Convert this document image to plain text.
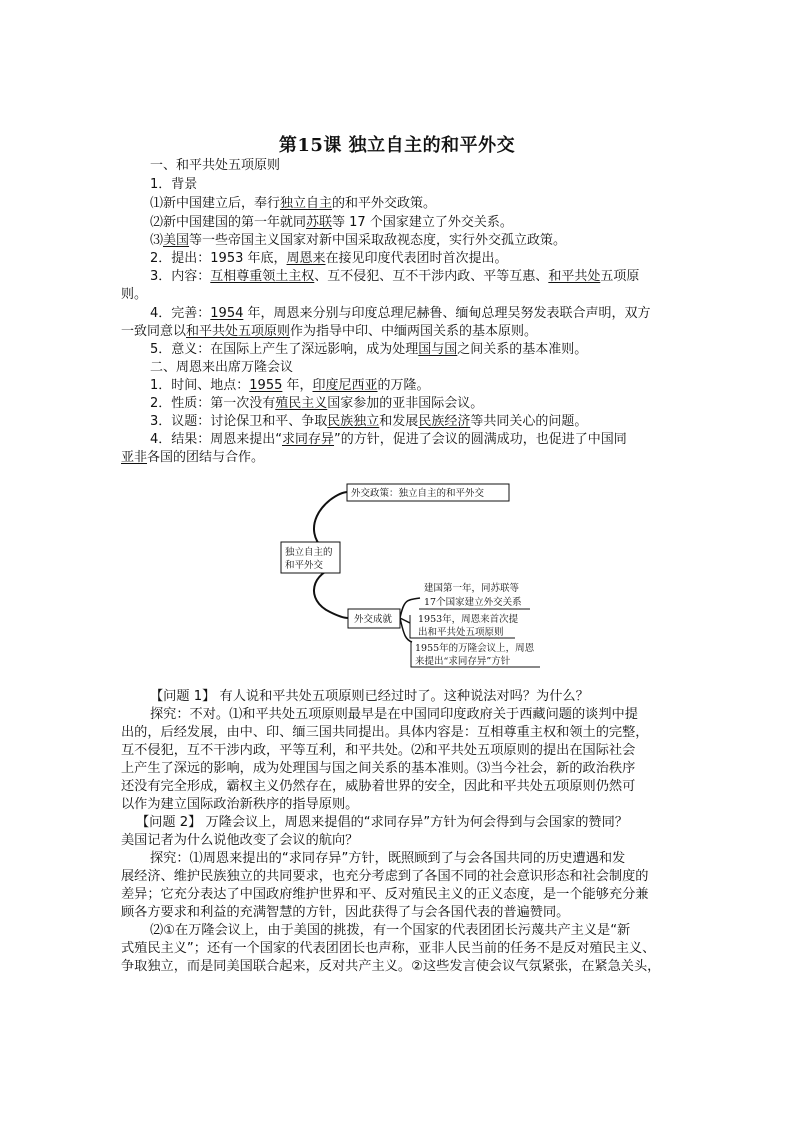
第15课 独立自主的和平外交
一、和平共处五项原则
1．背景
⑴新中国建立后，奉行独立自主的和平外交政策。
⑵新中国建国的第一年就同苏联等 17 个国家建立了外交关系。
⑶美国等一些帝国主义国家对新中国采取敌视态度，实行外交孤立政策。
2．提出：1953 年底，周恩来在接见印度代表团时首次提出。
3．内容：互相尊重领土主权、互不侵犯、互不干涉内政、平等互惠、和平共处五项原
则。
4．完善：1954 年，周恩来分别与印度总理尼赫鲁、缅甸总理吴努发表联合声明，双方
一致同意以和平共处五项原则作为指导中印、中缅两国关系的基本原则。
5．意义：在国际上产生了深远影响，成为处理国与国之间关系的基本准则。
二、周恩来出席万隆会议
1．时间、地点：1955 年，印度尼西亚的万隆。
2．性质：第一次没有殖民主义国家参加的亚非国际会议。
3．议题：讨论保卫和平、争取民族独立和发展民族经济等共同关心的问题。
4．结果：周恩来提出“求同存异”的方针，促进了会议的圆满成功，也促进了中国同
亚非各国的团结与合作。
独立自主的
和平外交
外交政策：独立自主的和平外交
外交成就
建国第一年，同苏联等
17个国家建立外交关系
1953年，周恩来首次提
出和平共处五项原则
1955年的万隆会议上，周恩
来提出“求同存异”方针
【问题 1】 有人说和平共处五项原则已经过时了。这种说法对吗？为什么？
探究：不对。⑴和平共处五项原则最早是在中国同印度政府关于西藏问题的谈判中提
出的，后经发展，由中、印、缅三国共同提出。具体内容是：互相尊重主权和领土的完整，
互不侵犯，互不干涉内政，平等互利，和平共处。⑵和平共处五项原则的提出在国际社会
上产生了深远的影响，成为处理国与国之间关系的基本准则。⑶当今社会，新的政治秩序
还没有完全形成，霸权主义仍然存在，威胁着世界的安全，因此和平共处五项原则仍然可
以作为建立国际政治新秩序的指导原则。
【问题 2】 万隆会议上，周恩来提倡的“求同存异”方针为何会得到与会国家的赞同？
美国记者为什么说他改变了会议的航向？
探究：⑴周恩来提出的“求同存异”方针，既照顾到了与会各国共同的历史遭遇和发
展经济、维护民族独立的共同要求，也充分考虑到了各国不同的社会意识形态和社会制度的
差异；它充分表达了中国政府维护世界和平、反对殖民主义的正义态度，是一个能够充分兼
顾各方要求和利益的充满智慧的方针，因此获得了与会各国代表的普遍赞同。
⑵①在万隆会议上，由于美国的挑拨，有一个国家的代表团团长污蔑共产主义是“新
式殖民主义”；还有一个国家的代表团团长也声称，亚非人民当前的任务不是反对殖民主义、
争取独立，而是同美国联合起来，反对共产主义。②这些发言使会议气氛紧张，在紧急关头，
